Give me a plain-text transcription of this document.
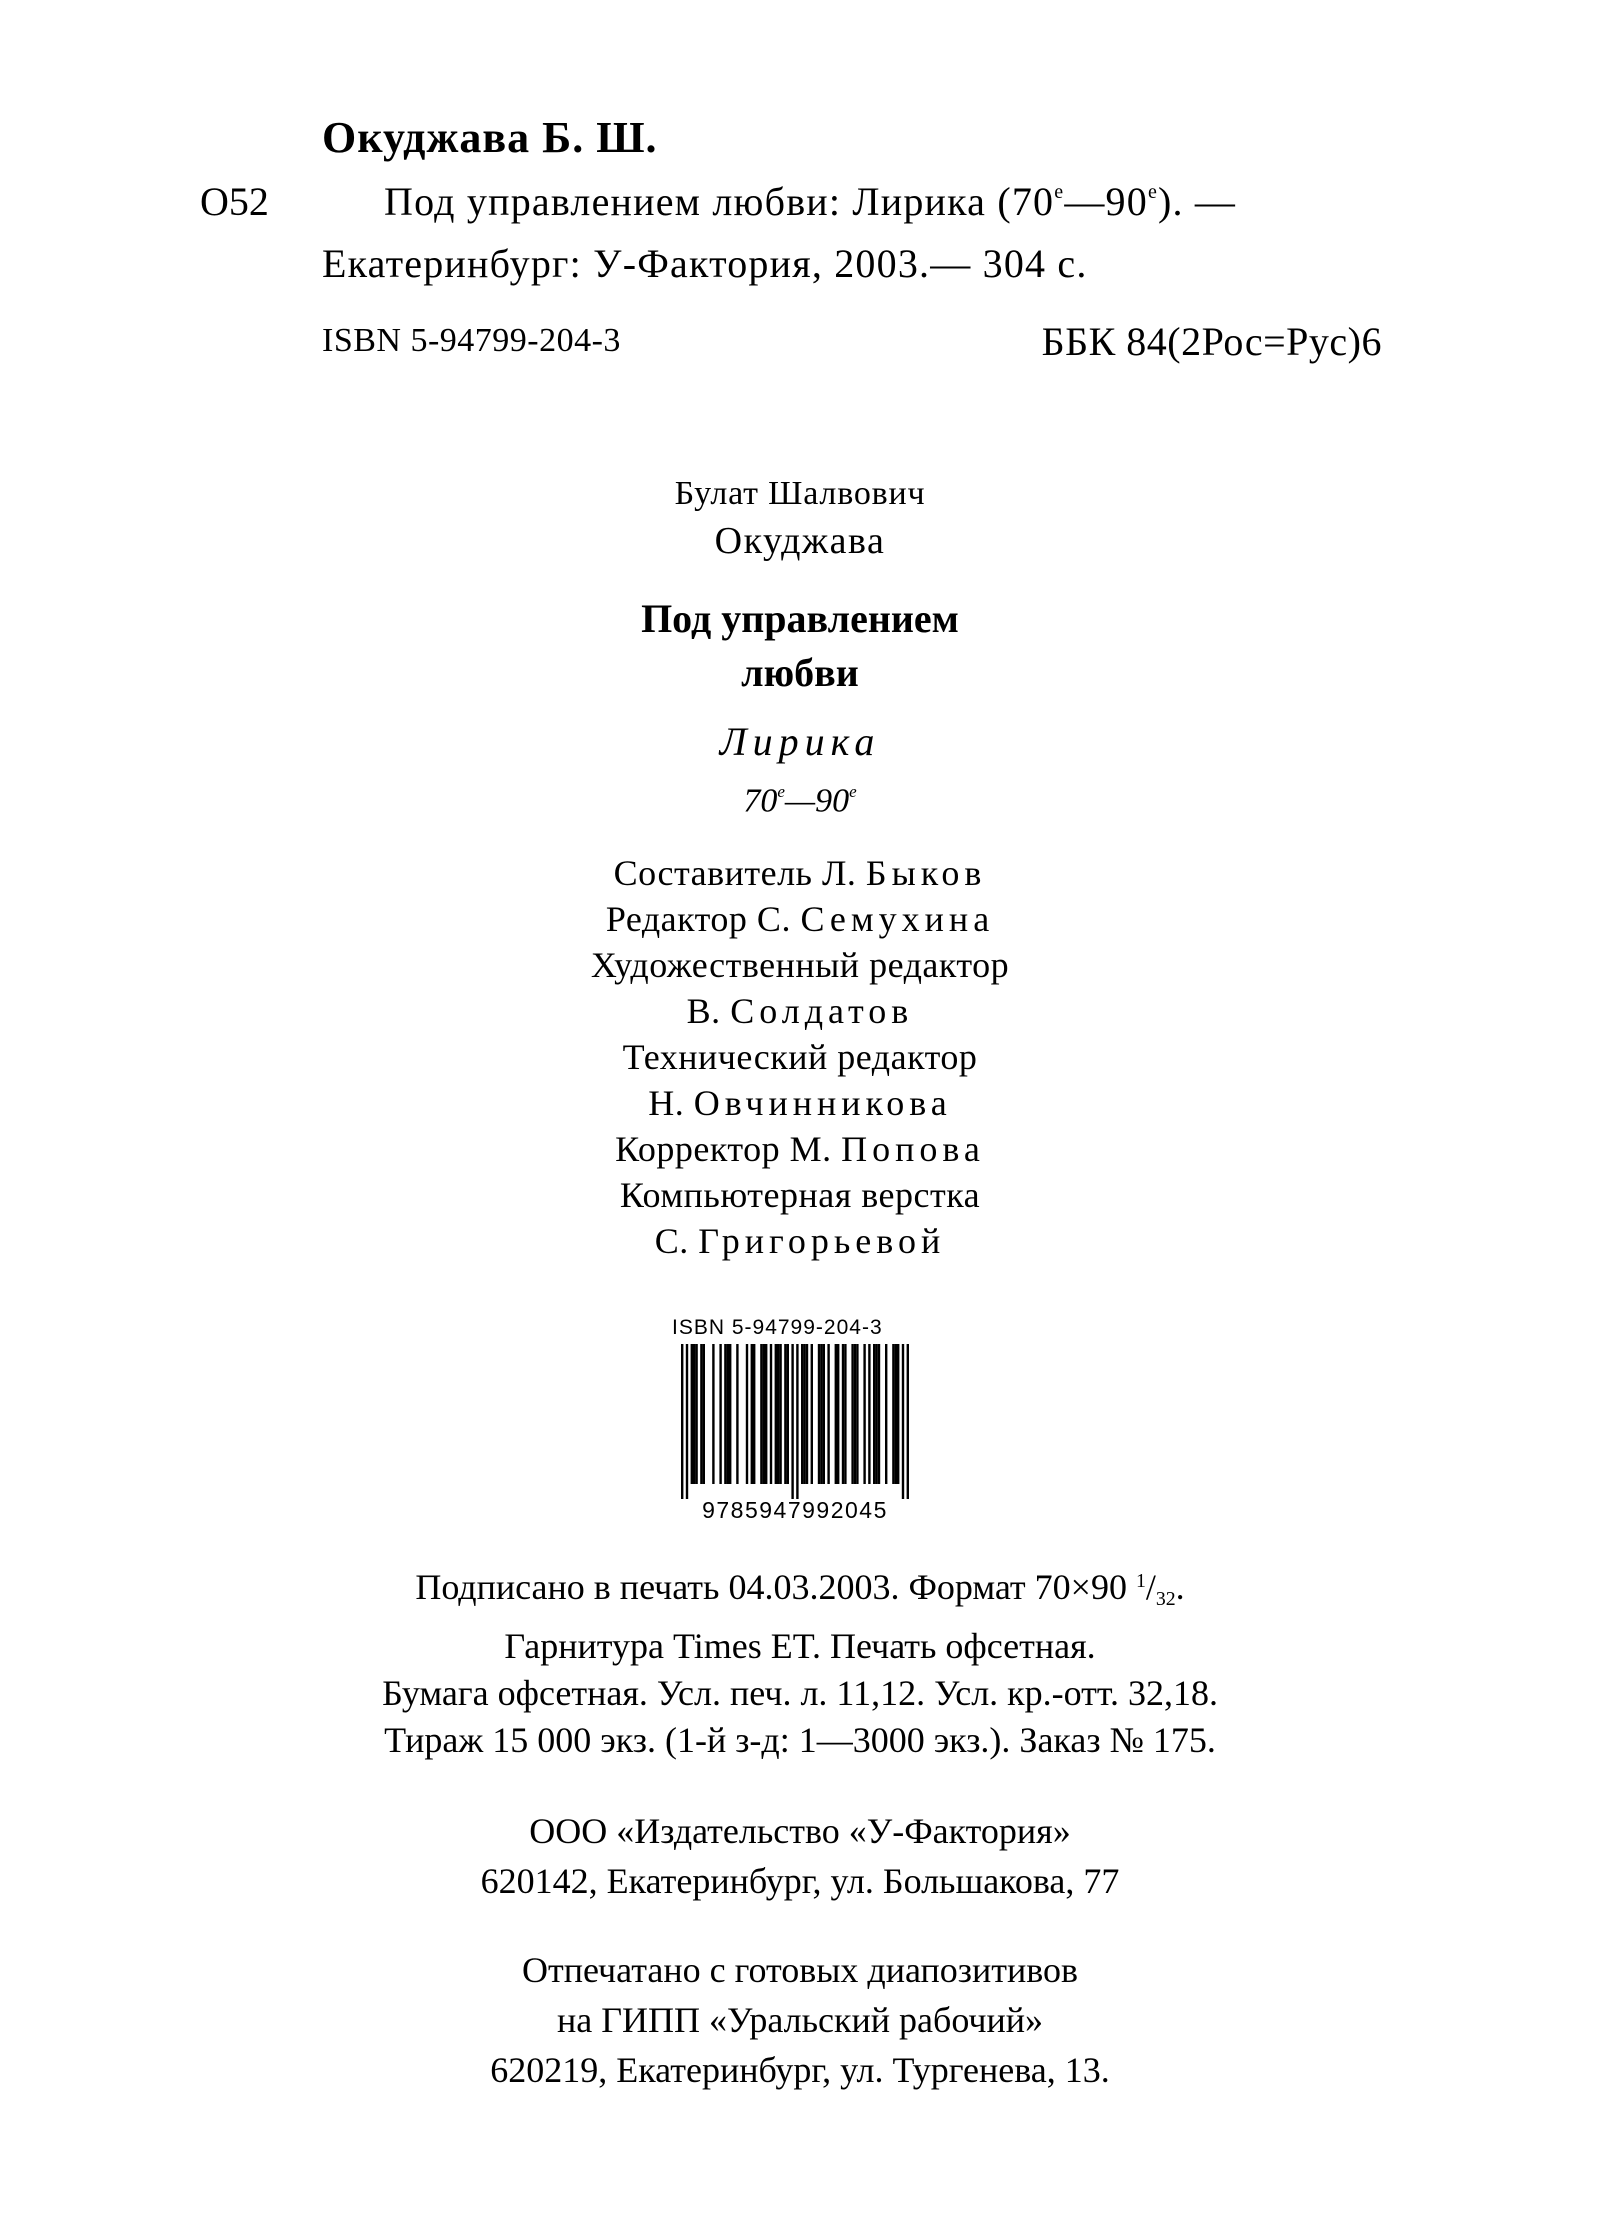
Окуджава Б. Ш.
О52	Под управлением любви: Лирика $(70^е—90^е)$. —
Екатеринбург: У-Фактория, 2003.— 304 с.
ISBN 5-94799-204-3	ББК 84(2Рос=Рус)6
Булат Шалвович
Окуджава
Под управлением
любви
Лирика
$70^е—90^е$
Составитель Л. Быков
Редактор С. Семухина
Художественный редактор
В. Солдатов
Технический редактор
Н. Овчинникова
Корректор М. Попова
Компьютерная верстка
С. Григорьевой
ISBN 5-94799-204-3
9785947992045
Подписано в печать 04.03.2003. Формат 70×90 $^1/_{32}$.
Гарнитура Times ET. Печать офсетная.
Бумага офсетная. Усл. печ. л. 11,12. Усл. кр.-отт. 32,18.
Тираж 15 000 экз. (1-й з-д: 1—3000 экз.). Заказ № 175.
ООО «Издательство «У-Фактория»
620142, Екатеринбург, ул. Большакова, 77
Отпечатано с готовых диапозитивов
на ГИПП «Уральский рабочий»
620219, Екатеринбург, ул. Тургенева, 13.
